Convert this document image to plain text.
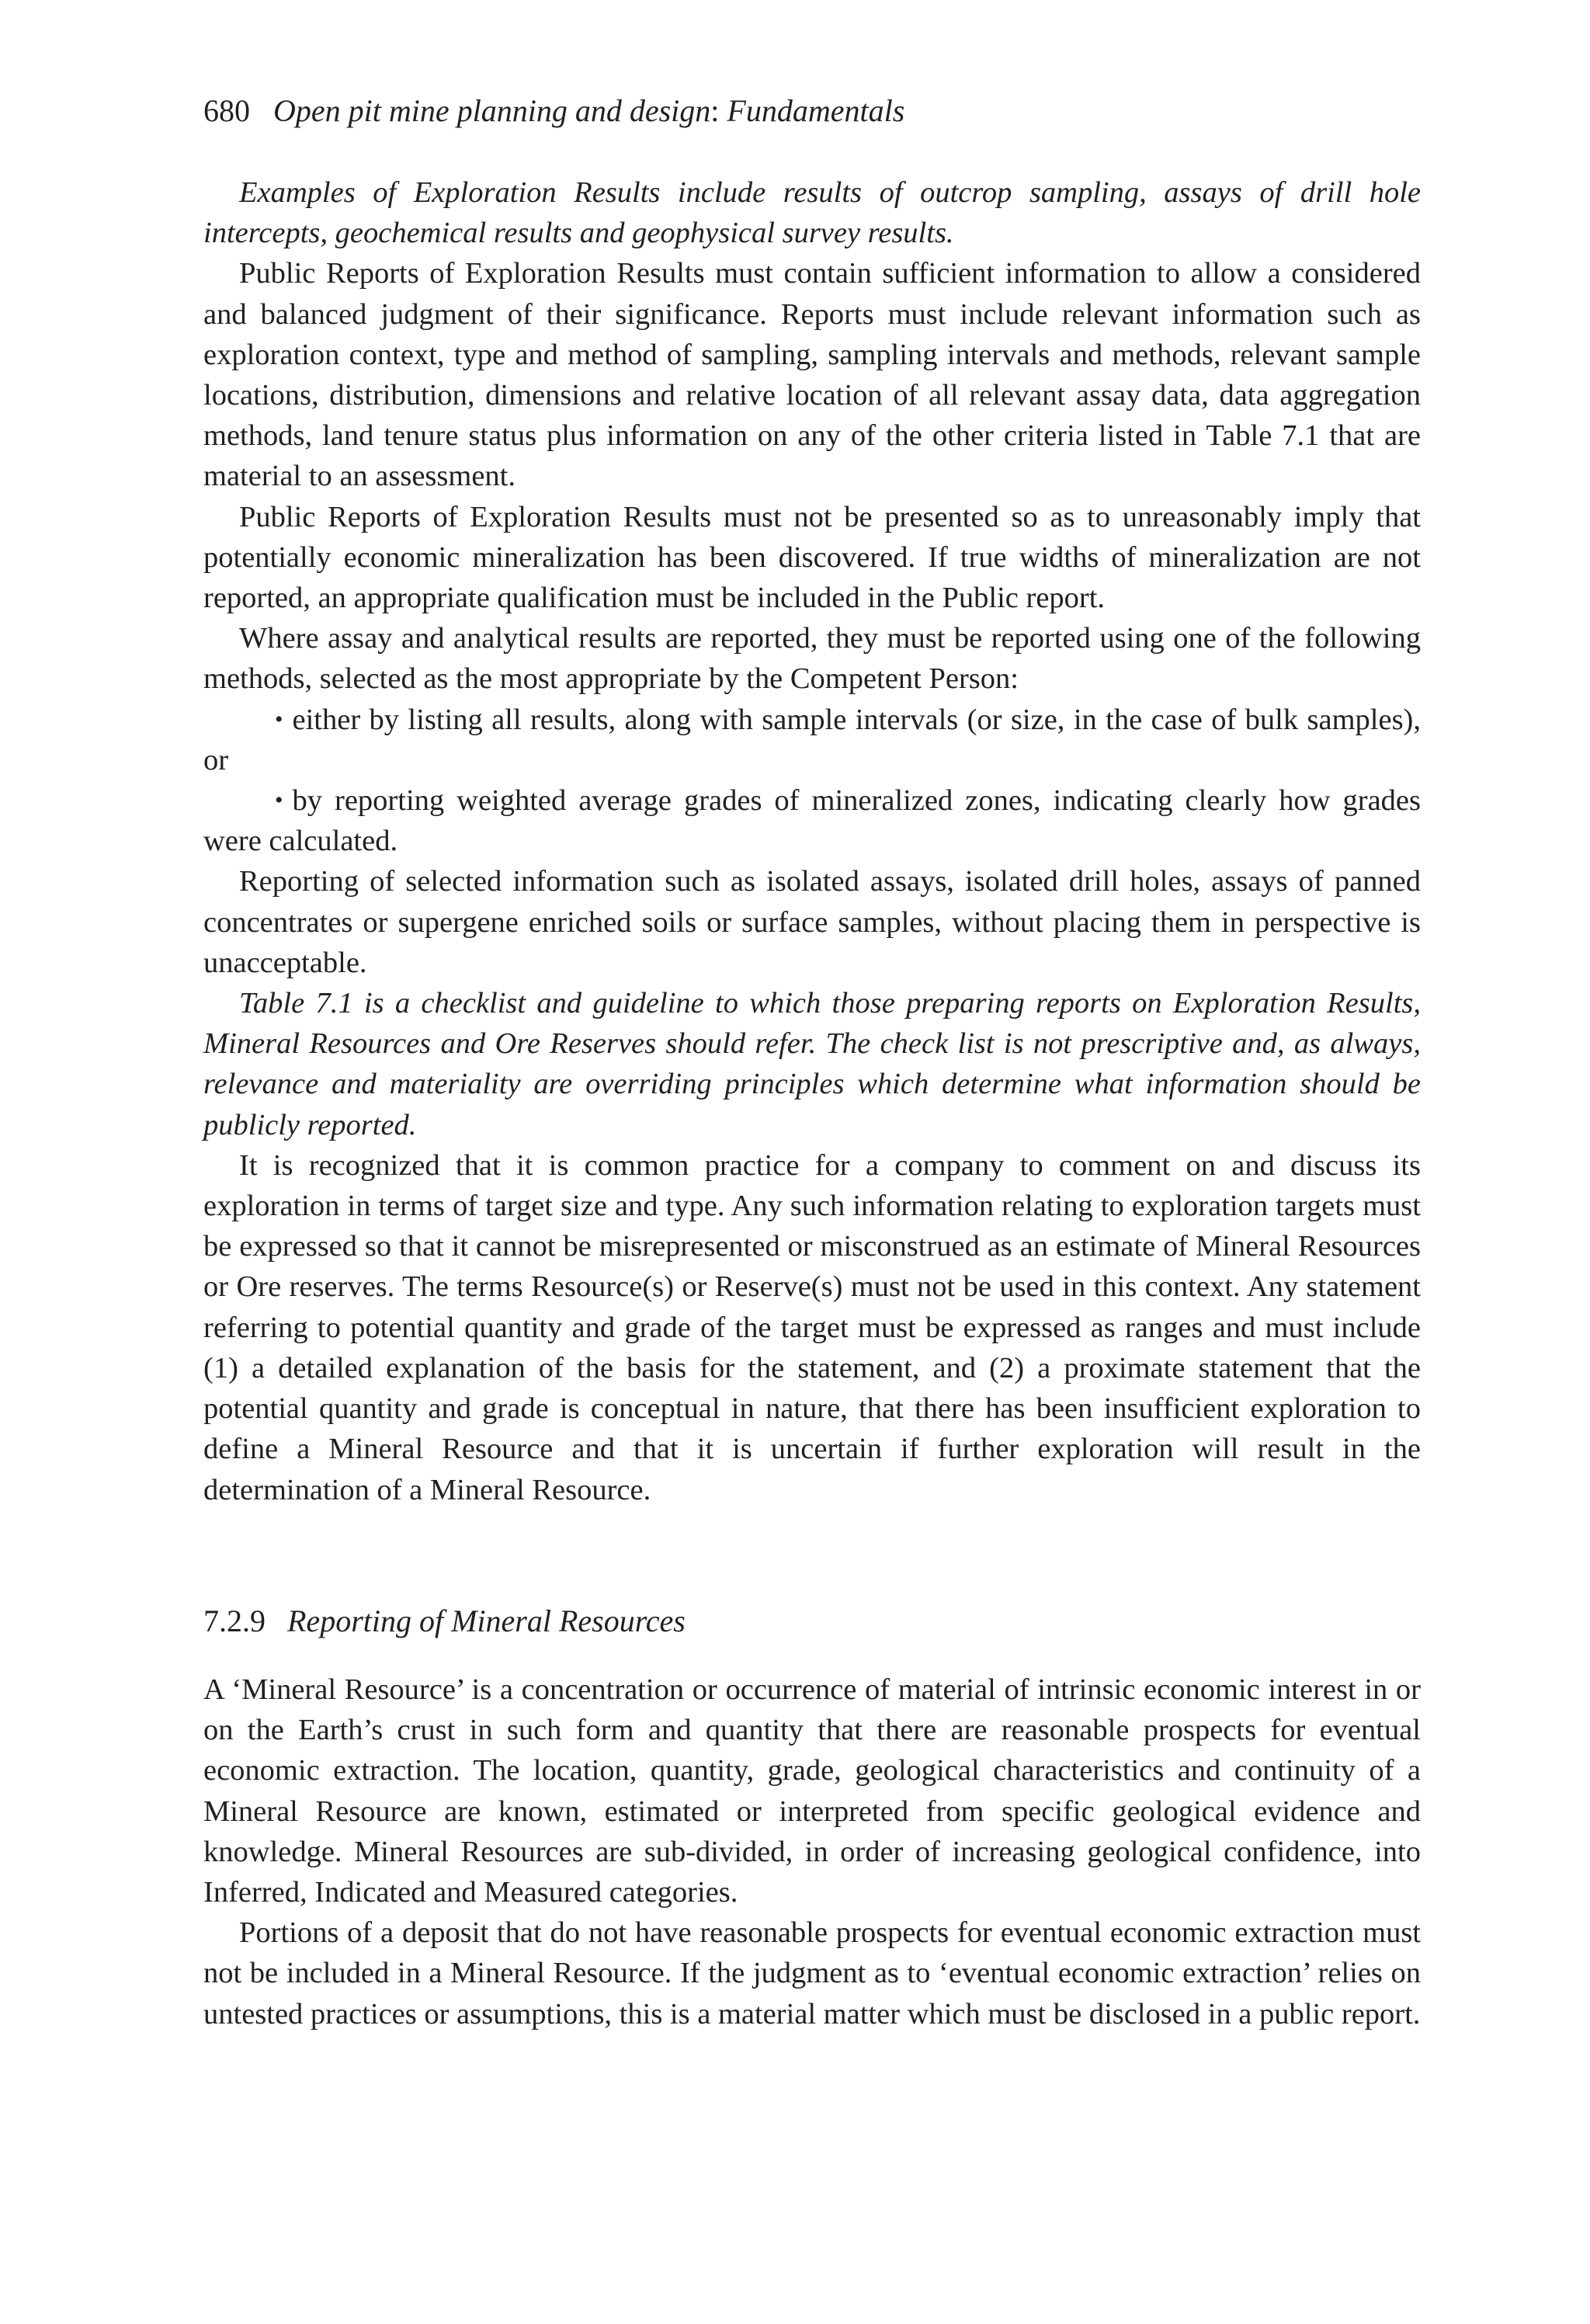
680 Open pit mine planning and design: Fundamentals

Examples of Exploration Results include results of outcrop sampling, assays of drill hole intercepts, geochemical results and geophysical survey results.

Public Reports of Exploration Results must contain sufficient information to allow a considered and balanced judgment of their significance. Reports must include relevant information such as exploration context, type and method of sampling, sampling intervals and methods, relevant sample locations, distribution, dimensions and relative location of all relevant assay data, data aggregation methods, land tenure status plus information on any of the other criteria listed in Table 7.1 that are material to an assessment.

Public Reports of Exploration Results must not be presented so as to unreasonably imply that potentially economic mineralization has been discovered. If true widths of mineralization are not reported, an appropriate qualification must be included in the Public report.

Where assay and analytical results are reported, they must be reported using one of the following methods, selected as the most appropriate by the Competent Person:

• either by listing all results, along with sample intervals (or size, in the case of bulk samples), or

• by reporting weighted average grades of mineralized zones, indicating clearly how grades were calculated.

Reporting of selected information such as isolated assays, isolated drill holes, assays of panned concentrates or supergene enriched soils or surface samples, without placing them in perspective is unacceptable.

Table 7.1 is a checklist and guideline to which those preparing reports on Exploration Results, Mineral Resources and Ore Reserves should refer. The check list is not prescriptive and, as always, relevance and materiality are overriding principles which determine what information should be publicly reported.

It is recognized that it is common practice for a company to comment on and discuss its exploration in terms of target size and type. Any such information relating to exploration targets must be expressed so that it cannot be misrepresented or misconstrued as an estimate of Mineral Resources or Ore reserves. The terms Resource(s) or Reserve(s) must not be used in this context. Any statement referring to potential quantity and grade of the target must be expressed as ranges and must include (1) a detailed explanation of the basis for the statement, and (2) a proximate statement that the potential quantity and grade is conceptual in nature, that there has been insufficient exploration to define a Mineral Resource and that it is uncertain if further exploration will result in the determination of a Mineral Resource.

7.2.9 Reporting of Mineral Resources

A ‘Mineral Resource’ is a concentration or occurrence of material of intrinsic economic interest in or on the Earth’s crust in such form and quantity that there are reasonable prospects for eventual economic extraction. The location, quantity, grade, geological characteristics and continuity of a Mineral Resource are known, estimated or interpreted from specific geological evidence and knowledge. Mineral Resources are sub-divided, in order of increasing geological confidence, into Inferred, Indicated and Measured categories.

Portions of a deposit that do not have reasonable prospects for eventual economic extraction must not be included in a Mineral Resource. If the judgment as to ‘eventual economic extraction’ relies on untested practices or assumptions, this is a material matter which must be disclosed in a public report.
